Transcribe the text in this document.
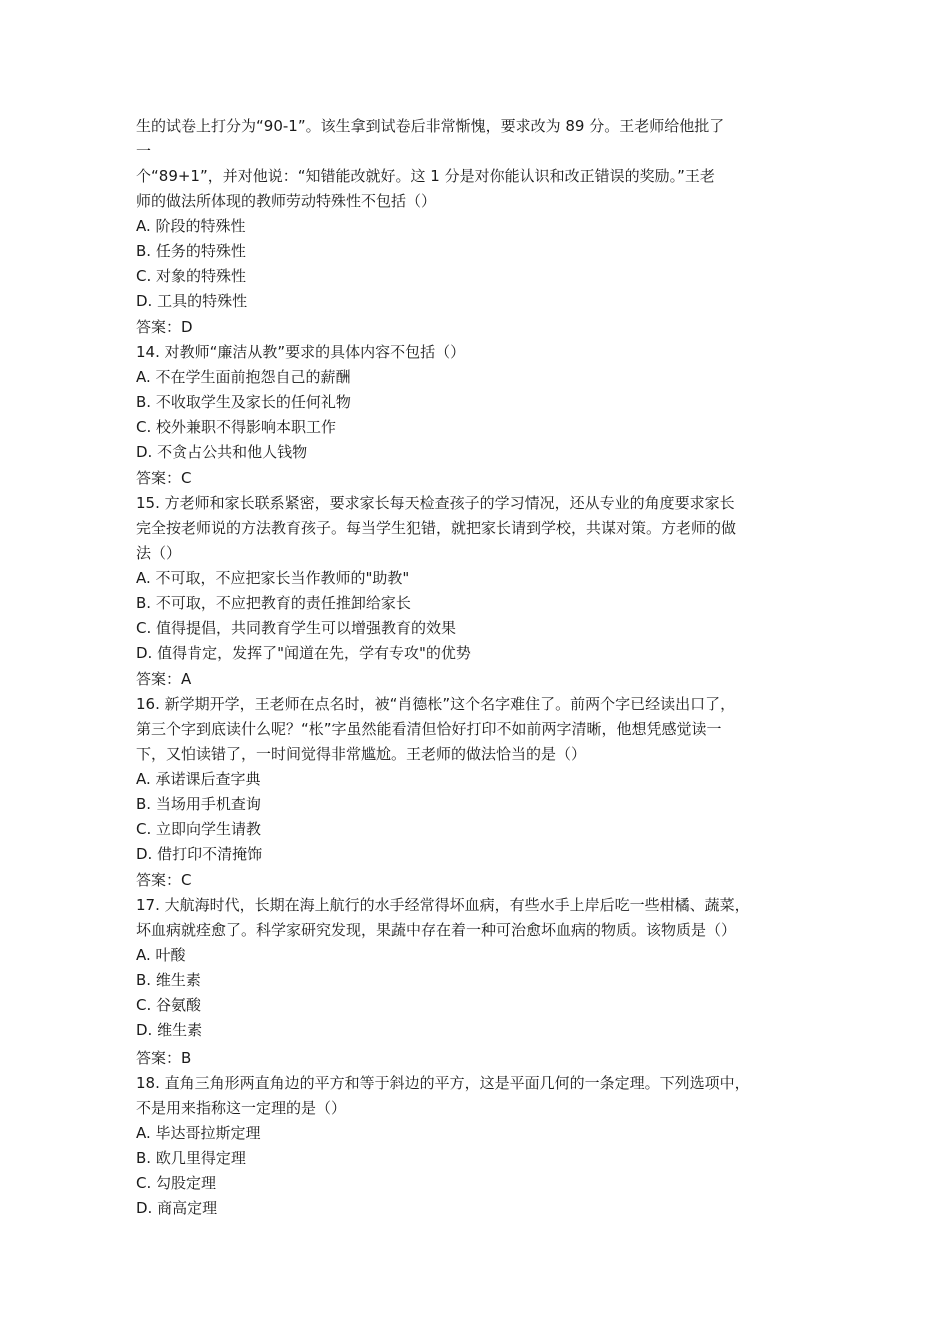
生的试卷上打分为“90-1”。该生拿到试卷后非常惭愧，要求改为 89 分。王老师给他批了
一
个“89+1”，并对他说：“知错能改就好。这 1 分是对你能认识和改正错误的奖励。”王老
师的做法所体现的教师劳动特殊性不包括（）
A. 阶段的特殊性
B. 任务的特殊性
C. 对象的特殊性
D. 工具的特殊性
答案：D
14. 对教师“廉洁从教”要求的具体内容不包括（）
A. 不在学生面前抱怨自己的薪酬
B. 不收取学生及家长的任何礼物
C. 校外兼职不得影响本职工作
D. 不贪占公共和他人钱物
答案：C
15. 方老师和家长联系紧密，要求家长每天检查孩子的学习情况，还从专业的角度要求家长
完全按老师说的方法教育孩子。每当学生犯错，就把家长请到学校，共谋对策。方老师的做
法（）
A. 不可取，不应把家长当作教师的"助教"
B. 不可取，不应把教育的责任推卸给家长
C. 值得提倡，共同教育学生可以增强教育的效果
D. 值得肯定，发挥了"闻道在先，学有专攻"的优势
答案：A
16. 新学期开学，王老师在点名时，被“肖德枨”这个名字难住了。前两个字已经读出口了，
第三个字到底读什么呢？“枨”字虽然能看清但恰好打印不如前两字清晰，他想凭感觉读一
下，又怕读错了，一时间觉得非常尴尬。王老师的做法恰当的是（）
A. 承诺课后查字典
B. 当场用手机查询
C. 立即向学生请教
D. 借打印不清掩饰
答案：C
17. 大航海时代，长期在海上航行的水手经常得坏血病，有些水手上岸后吃一些柑橘、蔬菜，
坏血病就痊愈了。科学家研究发现，果蔬中存在着一种可治愈坏血病的物质。该物质是（）
A. 叶酸
B. 维生素
C. 谷氨酸
D. 维生素
答案：B
18. 直角三角形两直角边的平方和等于斜边的平方，这是平面几何的一条定理。下列选项中，
不是用来指称这一定理的是（）
A. 毕达哥拉斯定理
B. 欧几里得定理
C. 勾股定理
D. 商高定理
